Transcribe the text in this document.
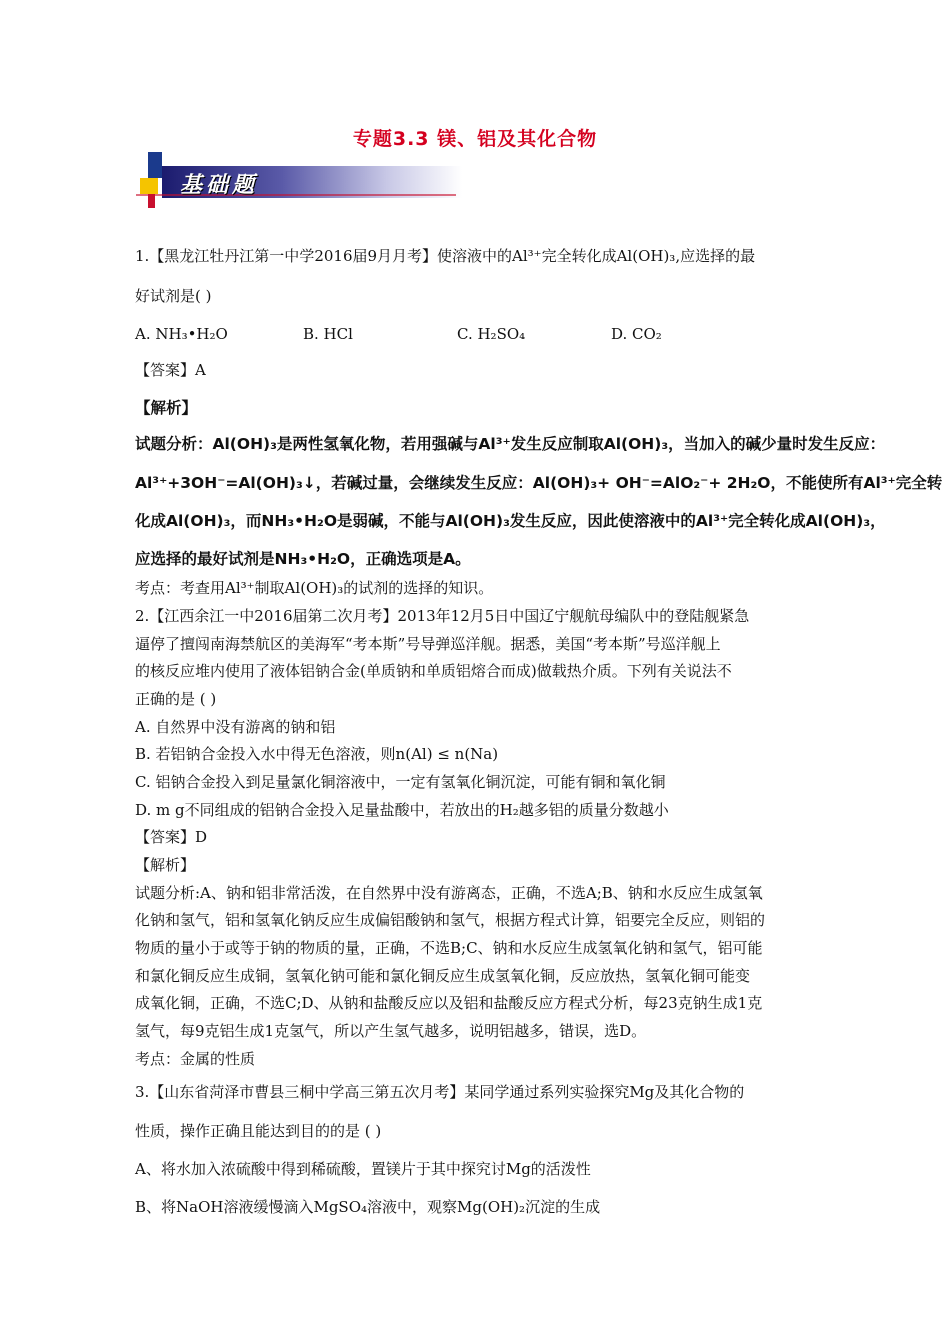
专题3.3 镁、铝及其化合物
基础题
1.【黑龙江牡丹江第一中学2016届9月月考】使溶液中的Al³⁺完全转化成Al(OH)₃,应选择的最
好试剂是( )
A. NH₃•H₂O	B. HCl	C. H₂SO₄	D. CO₂
【答案】A
【解析】
试题分析：Al(OH)₃是两性氢氧化物，若用强碱与Al³⁺发生反应制取Al(OH)₃，当加入的碱少量时发生反应：
Al³⁺+3OH⁻=Al(OH)₃↓，若碱过量，会继续发生反应：Al(OH)₃+ OH⁻=AlO₂⁻+ 2H₂O，不能使所有Al³⁺完全转
化成Al(OH)₃，而NH₃•H₂O是弱碱，不能与Al(OH)₃发生反应，因此使溶液中的Al³⁺完全转化成Al(OH)₃，
应选择的最好试剂是NH₃•H₂O，正确选项是A。
考点：考查用Al³⁺制取Al(OH)₃的试剂的选择的知识。
2.【江西余江一中2016届第二次月考】2013年12月5日中国辽宁舰航母编队中的登陆舰紧急
逼停了擅闯南海禁航区的美海军“考本斯”号导弹巡洋舰。据悉，美国“考本斯”号巡洋舰上
的核反应堆内使用了液体铝钠合金(单质钠和单质铝熔合而成)做载热介质。下列有关说法不
正确的是 ( )
A. 自然界中没有游离的钠和铝
B. 若铝钠合金投入水中得无色溶液，则n(Al) ≤ n(Na)
C. 铝钠合金投入到足量氯化铜溶液中，一定有氢氧化铜沉淀，可能有铜和氧化铜
D. m g不同组成的铝钠合金投入足量盐酸中，若放出的H₂越多铝的质量分数越小
【答案】D
【解析】
试题分析:A、钠和铝非常活泼，在自然界中没有游离态，正确，不选A;B、钠和水反应生成氢氧
化钠和氢气，铝和氢氧化钠反应生成偏铝酸钠和氢气，根据方程式计算，铝要完全反应，则铝的
物质的量小于或等于钠的物质的量，正确，不选B;C、钠和水反应生成氢氧化钠和氢气，铝可能
和氯化铜反应生成铜，氢氧化钠可能和氯化铜反应生成氢氧化铜，反应放热，氢氧化铜可能变
成氧化铜，正确，不选C;D、从钠和盐酸反应以及铝和盐酸反应方程式分析，每23克钠生成1克
氢气，每9克铝生成1克氢气，所以产生氢气越多，说明铝越多，错误，选D。
考点：金属的性质
3.【山东省菏泽市曹县三桐中学高三第五次月考】某同学通过系列实验探究Mg及其化合物的
性质，操作正确且能达到目的的是 ( )
A、将水加入浓硫酸中得到稀硫酸，置镁片于其中探究讨Mg的活泼性
B、将NaOH溶液缓慢滴入MgSO₄溶液中，观察Mg(OH)₂沉淀的生成
